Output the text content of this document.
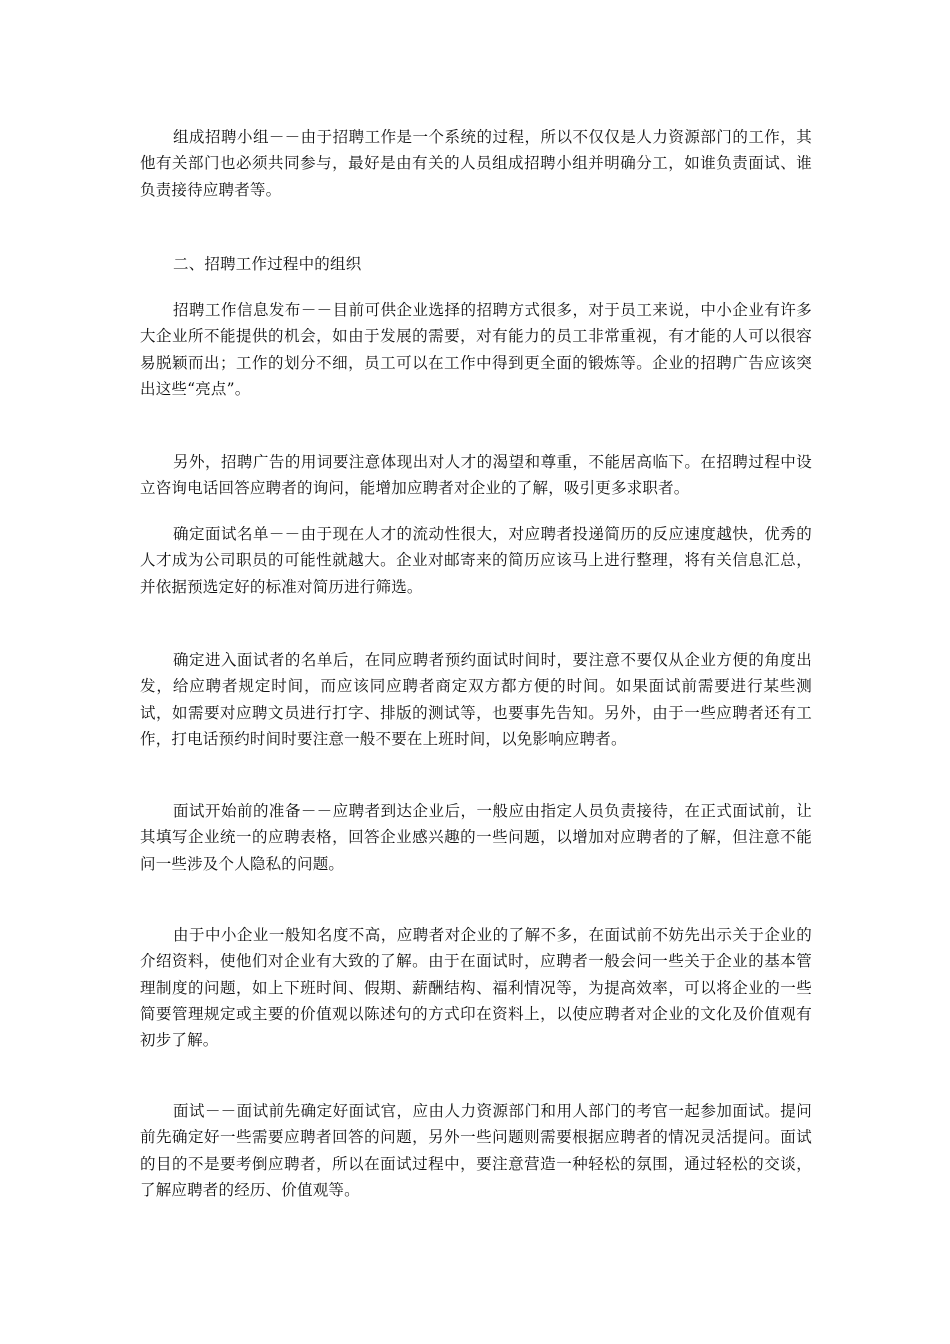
组成招聘小组－－由于招聘工作是一个系统的过程，所以不仅仅是人力资源部门的工作，其他有关部门也必须共同参与，最好是由有关的人员组成招聘小组并明确分工，如谁负责面试、谁负责接待应聘者等。

二、招聘工作过程中的组织

招聘工作信息发布－－目前可供企业选择的招聘方式很多，对于员工来说，中小企业有许多大企业所不能提供的机会，如由于发展的需要，对有能力的员工非常重视，有才能的人可以很容易脱颖而出；工作的划分不细，员工可以在工作中得到更全面的锻炼等。企业的招聘广告应该突出这些“亮点”。

另外，招聘广告的用词要注意体现出对人才的渴望和尊重，不能居高临下。在招聘过程中设立咨询电话回答应聘者的询问，能增加应聘者对企业的了解，吸引更多求职者。

确定面试名单－－由于现在人才的流动性很大，对应聘者投递简历的反应速度越快，优秀的人才成为公司职员的可能性就越大。企业对邮寄来的简历应该马上进行整理，将有关信息汇总，并依据预选定好的标准对简历进行筛选。

确定进入面试者的名单后，在同应聘者预约面试时间时，要注意不要仅从企业方便的角度出发，给应聘者规定时间，而应该同应聘者商定双方都方便的时间。如果面试前需要进行某些测试，如需要对应聘文员进行打字、排版的测试等，也要事先告知。另外，由于一些应聘者还有工作，打电话预约时间时要注意一般不要在上班时间，以免影响应聘者。

面试开始前的准备－－应聘者到达企业后，一般应由指定人员负责接待，在正式面试前，让其填写企业统一的应聘表格，回答企业感兴趣的一些问题，以增加对应聘者的了解，但注意不能问一些涉及个人隐私的问题。

由于中小企业一般知名度不高，应聘者对企业的了解不多，在面试前不妨先出示关于企业的介绍资料，使他们对企业有大致的了解。由于在面试时，应聘者一般会问一些关于企业的基本管理制度的问题，如上下班时间、假期、薪酬结构、福利情况等，为提高效率，可以将企业的一些简要管理规定或主要的价值观以陈述句的方式印在资料上，以使应聘者对企业的文化及价值观有初步了解。

面试－－面试前先确定好面试官，应由人力资源部门和用人部门的考官一起参加面试。提问前先确定好一些需要应聘者回答的问题，另外一些问题则需要根据应聘者的情况灵活提问。面试的目的不是要考倒应聘者，所以在面试过程中，要注意营造一种轻松的氛围，通过轻松的交谈，了解应聘者的经历、价值观等。
